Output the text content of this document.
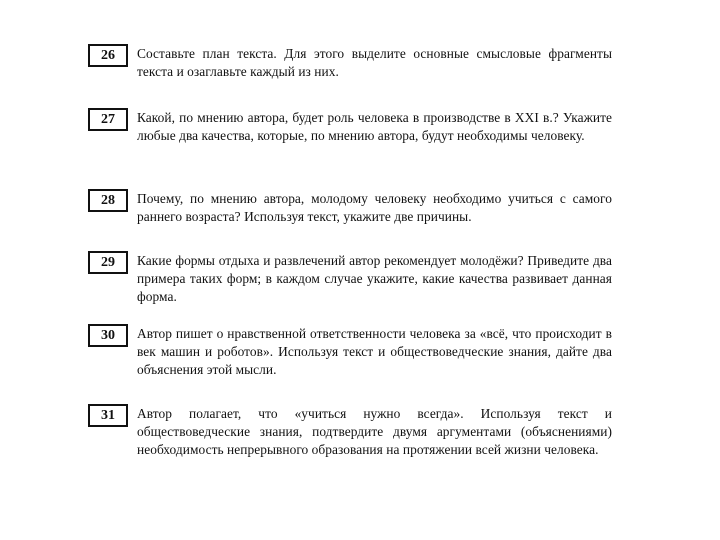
26	Составьте план текста. Для этого выделите основные смысловые фрагменты текста и озаглавьте каждый из них.
27	Какой, по мнению автора, будет роль человека в производстве в XXI в.? Укажите любые два качества, которые, по мнению автора, будут необходимы человеку.
28	Почему, по мнению автора, молодому человеку необходимо учиться с самого раннего возраста? Используя текст, укажите две причины.
29	Какие формы отдыха и развлечений автор рекомендует молодёжи? Приведите два примера таких форм; в каждом случае укажите, какие качества развивает данная форма.
30	Автор пишет о нравственной ответственности человека за «всё, что происходит в век машин и роботов». Используя текст и обществоведческие знания, дайте два объяснения этой мысли.
31	Автор полагает, что «учиться нужно всегда». Используя текст и обществоведческие знания, подтвердите двумя аргументами (объяснениями) необходимость непрерывного образования на протяжении всей жизни человека.
